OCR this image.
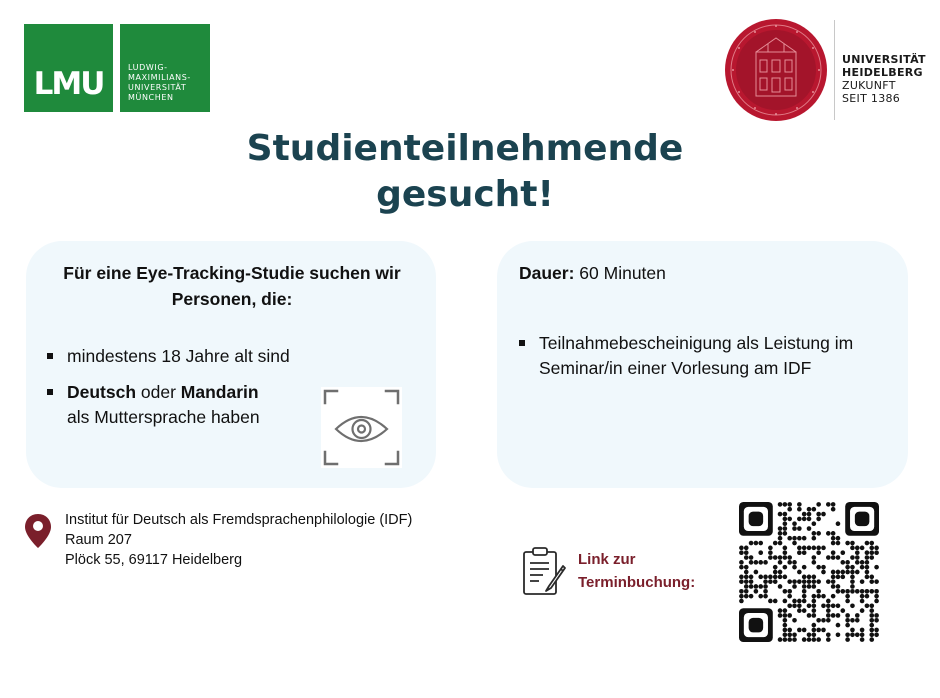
LMU	LUDWIG-
MAXIMILIANS-
UNIVERSITÄT
MÜNCHEN
UNIVERSITÄT
HEIDELBERG
ZUKUNFT
SEIT 1386
Studienteilnehmende
gesucht!
Für eine Eye-Tracking-Studie suchen wir
Personen, die:
mindestens 18 Jahre alt sind
Deutsch oder Mandarin
als Muttersprache haben
Dauer: 60 Minuten
Teilnahmebescheinigung als Leistung im
Seminar/in einer Vorlesung am IDF
Institut für Deutsch als Fremdsprachenphilologie (IDF)
Raum 207
Plöck 55, 69117 Heidelberg	Link zur
Terminbuchung:
